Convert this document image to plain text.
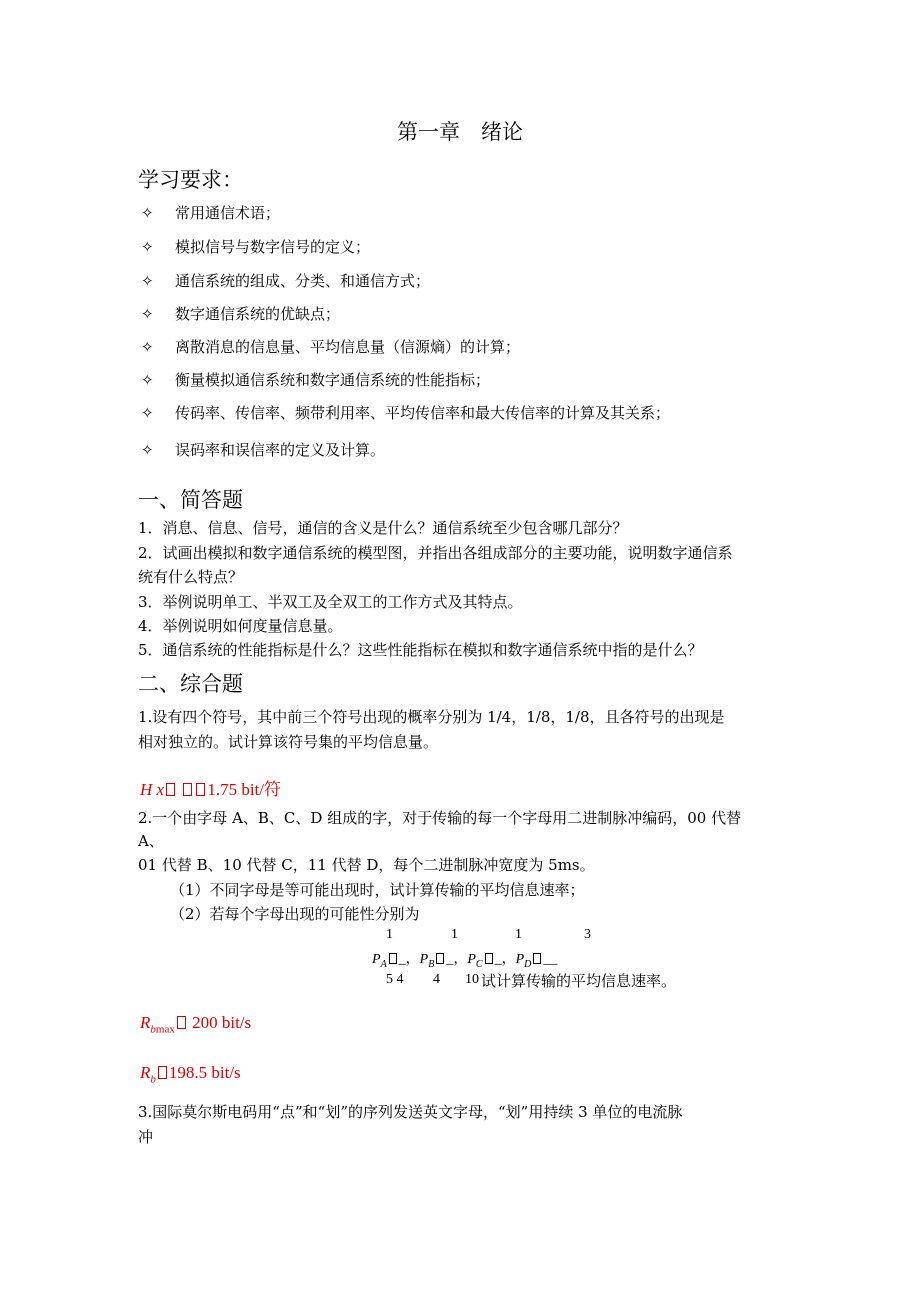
第一章　绪论
学习要求：
✧ 常用通信术语；
✧ 模拟信号与数字信号的定义；
✧ 通信系统的组成、分类、和通信方式；
✧ 数字通信系统的优缺点；
✧ 离散消息的信息量、平均信息量（信源熵）的计算；
✧ 衡量模拟通信系统和数字通信系统的性能指标；
✧ 传码率、传信率、频带利用率、平均传信率和最大传信率的计算及其关系；
✧ 误码率和误信率的定义及计算。
一、简答题
1．消息、信息、信号，通信的含义是什么？通信系统至少包含哪几部分？
2．试画出模拟和数字通信系统的模型图，并指出各组成部分的主要功能，说明数字通信系
统有什么特点？
3．举例说明单工、半双工及全双工的工作方式及其特点。
4．举例说明如何度量信息量。
5．通信系统的性能指标是什么？这些性能指标在模拟和数字通信系统中指的是什么？
二、综合题
1.设有四个符号，其中前三个符号出现的概率分别为 1/4，1/8，1/8，且各符号的出现是
相对独立的。试计算该符号集的平均信息量。
H x	1.75 bit/符
2.一个由字母 A、B、C、D 组成的字，对于传输的每一个字母用二进制脉冲编码，00 代替
A、
01 代替 B、10 代替 C，11 代替 D，每个二进制脉冲宽度为 5ms。
（1）不同字母是等可能出现时，试计算传输的平均信息速率；
（2）若每个字母出现的可能性分别为
1	1	1	3
$P_A$ _，$P_B$ _，$P_C$ _，$P_D$ __
5 4 4 10 试计算传输的平均信息速率。
$R_{bmax}$ 200 bit/s
$R_b$ 198.5 bit/s
3.国际莫尔斯电码用“点”和“划”的序列发送英文字母，“划”用持续 3 单位的电流脉
冲
